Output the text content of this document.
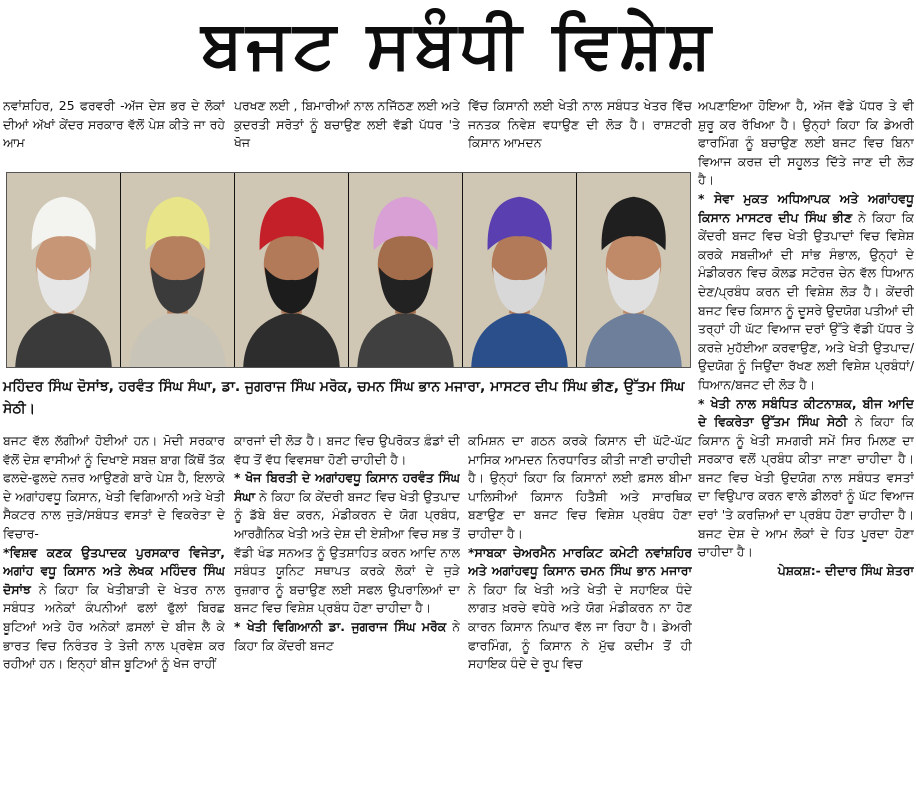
ਬਜਟ ਸਬੰਧੀ ਵਿਸ਼ੇਸ਼

ਨਵਾਂਸ਼ਹਿਰ, 25 ਫਰਵਰੀ -ਅੱਜ ਦੇਸ਼ ਭਰ ਦੇ ਲੋਕਾਂ ਦੀਆਂ ਅੱਖਾਂ ਕੇਂਦਰ ਸਰਕਾਰ ਵੱਲੋਂ ਪੇਸ਼ ਕੀਤੇ ਜਾ ਰਹੇ ਆਮ

ਪਰਖਣ ਲਈ , ਬਿਮਾਰੀਆਂ ਨਾਲ ਨਜਿੱਠਣ ਲਈ ਅਤੇ ਕੁਦਰਤੀ ਸਰੋਤਾਂ ਨੂੰ ਬਚਾਉਣ ਲਈ ਵੱਡੀ ਪੱਧਰ 'ਤੇ ਖੋਜ

ਵਿੱਚ ਕਿਸਾਨੀ ਲਈ ਖੇਤੀ ਨਾਲ ਸਬੰਧਤ ਖੇਤਰ ਵਿੱਚ ਜਨਤਕ ਨਿਵੇਸ਼ ਵਧਾਉਣ ਦੀ ਲੋੜ ਹੈ। ਰਾਸ਼ਟਰੀ ਕਿਸਾਨ ਆਮਦਨ

ਮਹਿੰਦਰ ਸਿੰਘ ਦੋਸਾਂਝ, ਹਰਵੰਤ ਸਿੰਘ ਸੰਘਾ, ਡਾ. ਜੁਗਰਾਜ ਸਿੰਘ ਮਰੋਕ, ਚਮਨ ਸਿੰਘ ਭਾਨ ਮਜਾਰਾ, ਮਾਸਟਰ ਦੀਪ ਸਿੰਘ ਭੀਣ, ਉੱਤਮ ਸਿੰਘ ਸੇਠੀ।

ਬਜਟ ਵੱਲ ਲੱਗੀਆਂ ਹੋਈਆਂ ਹਨ। ਮੋਦੀ ਸਰਕਾਰ ਵੱਲੋਂ ਦੇਸ਼ ਵਾਸੀਆਂ ਨੂੰ ਦਿਖਾਏ ਸਬਜ਼ ਬਾਗ ਕਿੱਥੋਂ ਤੱਕ ਫਲਦੇ-ਫੁਲਦੇ ਨਜ਼ਰ ਆਉਣਗੇ ਬਾਰੇ ਪੇਸ਼ ਹੈ, ਇਲਾਕੇ ਦੇ ਅਗਾਂਹਵਧੂ ਕਿਸਾਨ, ਖੇਤੀ ਵਿਗਿਆਨੀ ਅਤੇ ਖੇਤੀ ਸੈਕਟਰ ਨਾਲ ਜੁੜੇ/ਸਬੰਧਤ ਵਸਤਾਂ ਦੇ ਵਿਕਰੇਤਾ ਦੇ ਵਿਚਾਰ-

*ਵਿਸ਼ਵ ਕਣਕ ਉਤਪਾਦਕ ਪੁਰਸਕਾਰ ਵਿਜੇਤਾ, ਅਗਾਂਹ ਵਧੂ ਕਿਸਾਨ ਅਤੇ ਲੇਖਕ ਮਹਿੰਦਰ ਸਿੰਘ ਦੋਸਾਂਝ ਨੇ ਕਿਹਾ ਕਿ ਖੇਤੀਬਾੜੀ ਦੇ ਖੇਤਰ ਨਾਲ ਸਬੰਧਤ ਅਨੇਕਾਂ ਕੰਪਨੀਆਂ ਫਲਾਂ ਫੁੱਲਾਂ ਬਿਰਛ ਬੂਟਿਆਂ ਅਤੇ ਹੋਰ ਅਨੇਕਾਂ ਫ਼ਸਲਾਂ ਦੇ ਬੀਜ ਲੈ ਕੇ ਭਾਰਤ ਵਿਚ ਨਿਰੰਤਰ ਤੇ ਤੇਜ਼ੀ ਨਾਲ ਪ੍ਰਵੇਸ਼ ਕਰ ਰਹੀਆਂ ਹਨ। ਇਨ੍ਹਾਂ ਬੀਜ ਬੂਟਿਆਂ ਨੂੰ ਖੋਜ ਰਾਹੀਂ

ਕਾਰਜਾਂ ਦੀ ਲੋੜ ਹੈ। ਬਜਟ ਵਿਚ ਉਪਰੋਕਤ ਫ਼ੰਡਾਂ ਦੀ ਵੱਧ ਤੋਂ ਵੱਧ ਵਿਵਸਥਾ ਹੋਣੀ ਚਾਹੀਦੀ ਹੈ।

* ਖੋਜ ਬਿਰਤੀ ਦੇ ਅਗਾਂਹਵਧੂ ਕਿਸਾਨ ਹਰਵੰਤ ਸਿੰਘ ਸੰਘਾ ਨੇ ਕਿਹਾ ਕਿ ਕੇਂਦਰੀ ਬਜਟ ਵਿਚ ਖੇਤੀ ਉਤਪਾਦ ਨੂੰ ਡੱਬੇ ਬੰਦ ਕਰਨ, ਮੰਡੀਕਰਨ ਦੇ ਯੋਗ ਪ੍ਰਬੰਧ, ਆਰਗੈਨਿਕ ਖੇਤੀ ਅਤੇ ਦੇਸ਼ ਦੀ ਏਸ਼ੀਆ ਵਿਚ ਸਭ ਤੋਂ ਵੱਡੀ ਖੰਡ ਸਨਅਤ ਨੂੰ ਉਤਸ਼ਾਹਿਤ ਕਰਨ ਆਦਿ ਨਾਲ ਸਬੰਧਤ ਯੂਨਿਟ ਸਥਾਪਤ ਕਰਕੇ ਲੋਕਾਂ ਦੇ ਜੁੜੇ ਰੁਜ਼ਗਾਰ ਨੂੰ ਬਚਾਉਣ ਲਈ ਸਫਲ ਉਪਰਾਲਿਆਂ ਦਾ ਬਜਟ ਵਿਚ ਵਿਸ਼ੇਸ਼ ਪ੍ਰਬੰਧ ਹੋਣਾ ਚਾਹੀਦਾ ਹੈ।

* ਖੇਤੀ ਵਿਗਿਆਨੀ ਡਾ. ਜੁਗਰਾਜ ਸਿੰਘ ਮਰੋਕ ਨੇ ਕਿਹਾ ਕਿ ਕੇਂਦਰੀ ਬਜਟ

ਕਮਿਸ਼ਨ ਦਾ ਗਠਨ ਕਰਕੇ ਕਿਸਾਨ ਦੀ ਘੱਟੋ-ਘੱਟ ਮਾਸਿਕ ਆਮਦਨ ਨਿਰਧਾਰਿਤ ਕੀਤੀ ਜਾਣੀ ਚਾਹੀਦੀ ਹੈ। ਉਨ੍ਹਾਂ ਕਿਹਾ ਕਿ ਕਿਸਾਨਾਂ ਲਈ ਫ਼ਸਲ ਬੀਮਾ ਪਾਲਿਸੀਆਂ ਕਿਸਾਨ ਹਿਤੈਸ਼ੀ ਅਤੇ ਸਾਰਥਿਕ ਬਣਾਉਣ ਦਾ ਬਜਟ ਵਿਚ ਵਿਸ਼ੇਸ਼ ਪ੍ਰਬੰਧ ਹੋਣਾ ਚਾਹੀਦਾ ਹੈ।

*ਸਾਬਕਾ ਚੇਅਰਮੈਨ ਮਾਰਕਿਟ ਕਮੇਟੀ ਨਵਾਂਸ਼ਹਿਰ ਅਤੇ ਅਗਾਂਹਵਧੂ ਕਿਸਾਨ ਚਮਨ ਸਿੰਘ ਭਾਨ ਮਜਾਰਾ ਨੇ ਕਿਹਾ ਕਿ ਖੇਤੀ ਅਤੇ ਖੇਤੀ ਦੇ ਸਹਾਇਕ ਧੰਦੇ ਲਾਗਤ ਖ਼ਰਚੇ ਵਧੇਰੇ ਅਤੇ ਯੋਗ ਮੰਡੀਕਰਨ ਨਾ ਹੋਣ ਕਾਰਨ ਕਿਸਾਨ ਨਿਘਾਰ ਵੱਲ ਜਾ ਰਿਹਾ ਹੈ। ਡੇਅਰੀ ਫਾਰਮਿੰਗ, ਨੂੰ ਕਿਸਾਨ ਨੇ ਮੁੱਢ ਕਦੀਮ ਤੋਂ ਹੀ ਸਹਾਇਕ ਧੰਦੇ ਦੇ ਰੂਪ ਵਿਚ

ਅਪਣਾਇਆ ਹੋਇਆ ਹੈ, ਅੱਜ ਵੱਡੇ ਪੱਧਰ ਤੇ ਵੀ ਸ਼ੁਰੂ ਕਰ ਰੱਖਿਆ ਹੈ। ਉਨ੍ਹਾਂ ਕਿਹਾ ਕਿ ਡੇਅਰੀ ਫਾਰਮਿੰਗ ਨੂੰ ਬਚਾਉਣ ਲਈ ਬਜਟ ਵਿਚ ਬਿਨਾ ਵਿਆਜ ਕਰਜ਼ ਦੀ ਸਹੂਲਤ ਦਿੱਤੇ ਜਾਣ ਦੀ ਲੋੜ ਹੈ।

* ਸੇਵਾ ਮੁਕਤ ਅਧਿਆਪਕ ਅਤੇ ਅਗਾਂਹਵਧੂ ਕਿਸਾਨ ਮਾਸਟਰ ਦੀਪ ਸਿੰਘ ਭੀਣ ਨੇ ਕਿਹਾ ਕਿ ਕੇਂਦਰੀ ਬਜਟ ਵਿਚ ਖੇਤੀ ਉਤਪਾਦਾਂ ਵਿਚ ਵਿਸ਼ੇਸ਼ ਕਰਕੇ ਸਬਜ਼ੀਆਂ ਦੀ ਸਾਂਭ ਸੰਭਾਲ, ਉਨ੍ਹਾਂ ਦੇ ਮੰਡੀਕਰਨ ਵਿਚ ਕੋਲਡ ਸਟੋਰਜ਼ ਚੇਨ ਵੱਲ ਧਿਆਨ ਦੇਣ/ਪ੍ਰਬੰਧ ਕਰਨ ਦੀ ਵਿਸ਼ੇਸ਼ ਲੋੜ ਹੈ। ਕੇਂਦਰੀ ਬਜਟ ਵਿਚ ਕਿਸਾਨ ਨੂੰ ਦੂਸਰੇ ਉਦਯੋਗ ਪਤੀਆਂ ਦੀ ਤਰ੍ਹਾਂ ਹੀ ਘੱਟ ਵਿਆਜ ਦਰਾਂ ਉੱਤੇ ਵੱਡੀ ਪੱਧਰ ਤੇ ਕਰਜ਼ੇ ਮੁਹੱਈਆ ਕਰਵਾਉਣ, ਅਤੇ ਖੇਤੀ ਉਤਪਾਦ/ਉਦਯੋਗ ਨੂੰ ਜਿਉਂਦਾ ਰੱਖਣ ਲਈ ਵਿਸ਼ੇਸ਼ ਪ੍ਰਬੰਧਾਂ/ਧਿਆਨ/ਬਜਟ ਦੀ ਲੋੜ ਹੈ।

* ਖੇਤੀ ਨਾਲ ਸਬੰਧਿਤ ਕੀਟਨਾਸ਼ਕ, ਬੀਜ ਆਦਿ ਦੇ ਵਿਕਰੇਤਾ ਉੱਤਮ ਸਿੰਘ ਸੇਠੀ ਨੇ ਕਿਹਾ ਕਿ ਕਿਸਾਨ ਨੂੰ ਖੇਤੀ ਸਮਗਰੀ ਸਮੇਂ ਸਿਰ ਮਿਲਣ ਦਾ ਸਰਕਾਰ ਵਲੋਂ ਪ੍ਰਬੰਧ ਕੀਤਾ ਜਾਣਾ ਚਾਹੀਦਾ ਹੈ। ਬਜਟ ਵਿਚ ਖੇਤੀ ਉਦਯੋਗ ਨਾਲ ਸਬੰਧਤ ਵਸਤਾਂ ਦਾ ਵਿਉਪਾਰ ਕਰਨ ਵਾਲੇ ਡੀਲਰਾਂ ਨੂੰ ਘੱਟ ਵਿਆਜ ਦਰਾਂ 'ਤੇ ਕਰਜ਼ਿਆਂ ਦਾ ਪ੍ਰਬੰਧ ਹੋਣਾ ਚਾਹੀਦਾ ਹੈ। ਬਜਟ ਦੇਸ਼ ਦੇ ਆਮ ਲੋਕਾਂ ਦੇ ਹਿਤ ਪੂਰਦਾ ਹੋਣਾ ਚਾਹੀਦਾ ਹੈ।

ਪੇਸ਼ਕਸ਼:- ਦੀਦਾਰ ਸਿੰਘ ਸ਼ੇਤਰਾ
